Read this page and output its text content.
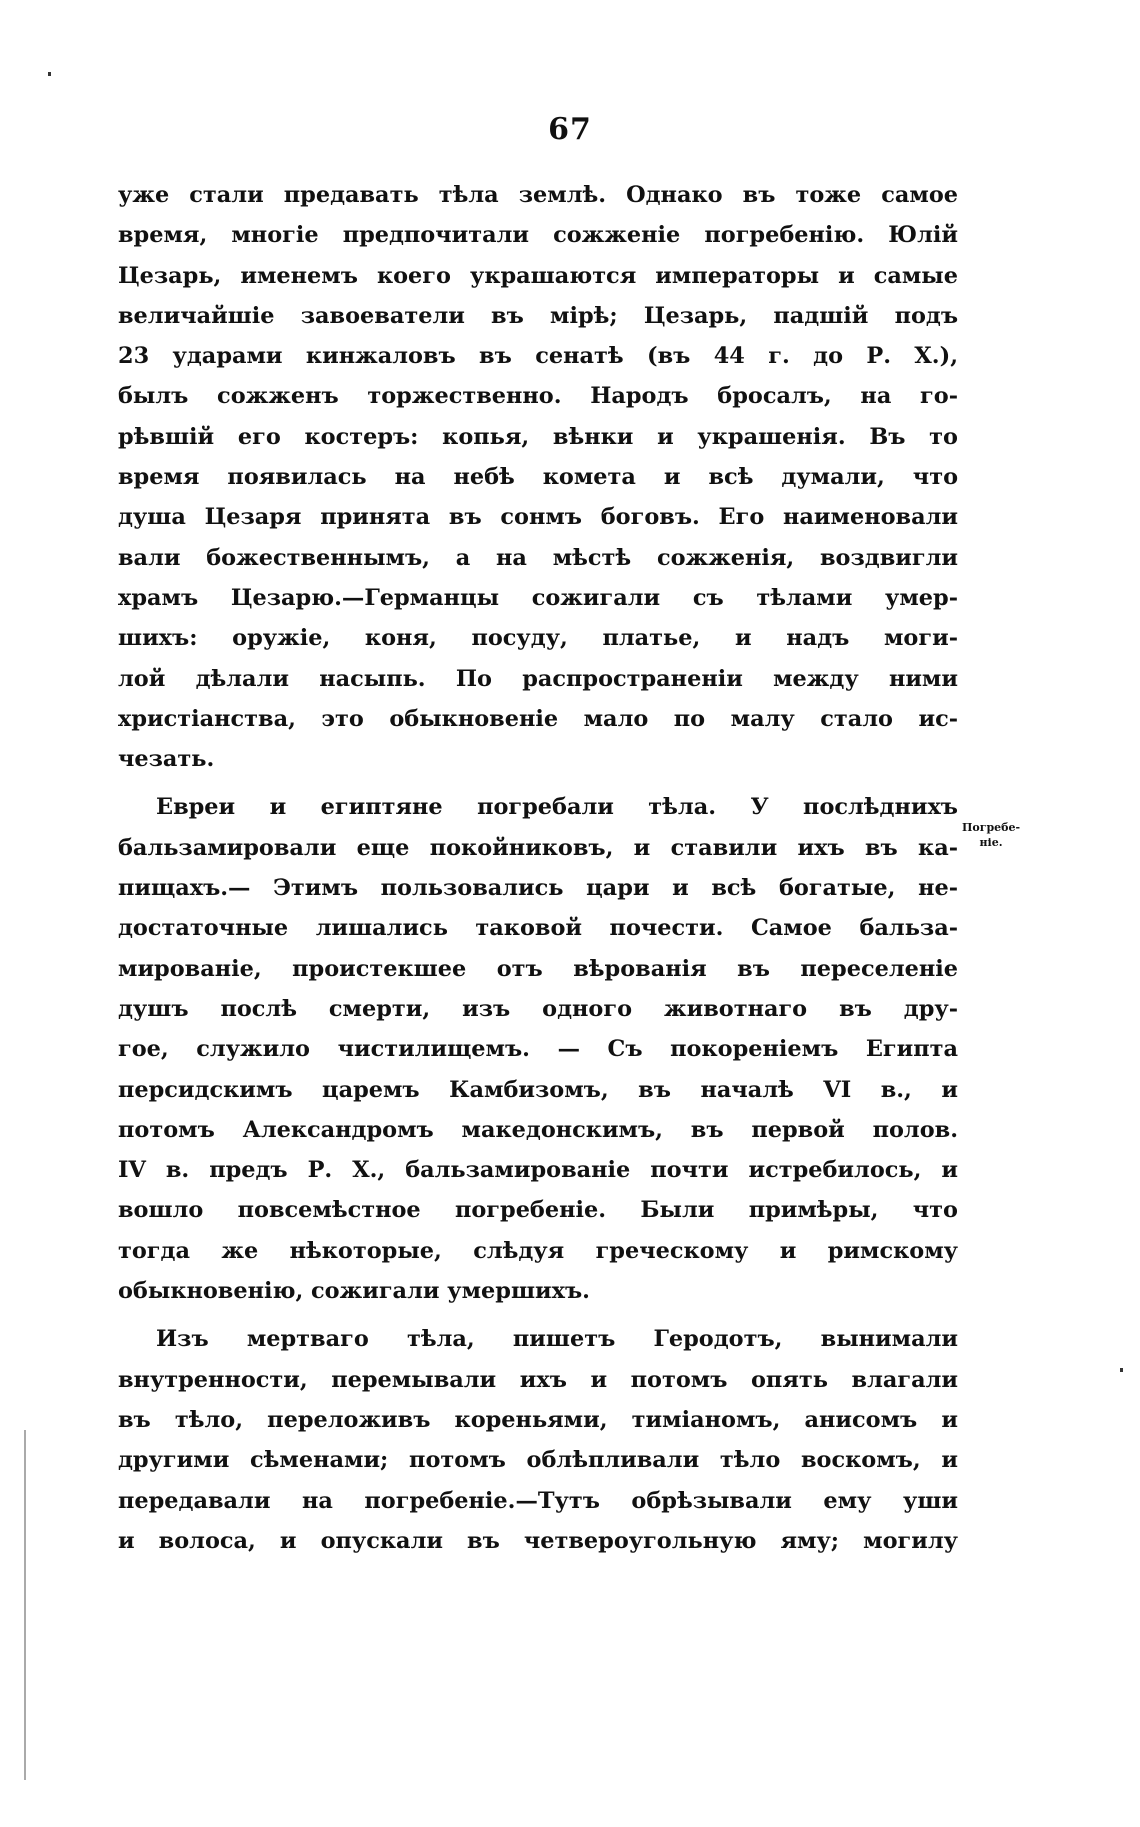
67
уже стали предавать тѣла землѣ. Однако въ тоже самое
время, многіе предпочитали сожженіе погребенію. Юлій
Цезарь, именемъ коего украшаются императоры и самые
величайшіе завоеватели въ мірѣ; Цезарь, падшій подъ
23 ударами кинжаловъ въ сенатѣ (въ 44 г. до Р. Х.),
былъ сожженъ торжественно. Народъ бросалъ, на го-
рѣвшій его костеръ: копья, вѣнки и украшенія. Въ то
время появилась на небѣ комета и всѣ думали, что
душа Цезаря принята въ сонмъ боговъ. Его наименовали
вали божественнымъ, а на мѣстѣ сожженія, воздвигли
храмъ Цезарю.—Германцы сожигали съ тѣлами умер-
шихъ: оружіе, коня, посуду, платье, и надъ моги-
лой дѣлали насыпь. По распространеніи между ними
христіанства, это обыкновеніе мало по малу стало ис-
чезать.
Евреи и египтяне погребали тѣла. У послѣднихъ
бальзамировали еще покойниковъ, и ставили ихъ въ ка-
пищахъ.— Этимъ пользовались цари и всѣ богатые, не-
достаточные лишались таковой почести. Самое бальза-
мированіе, проистекшее отъ вѣрованія въ переселеніе
душъ послѣ смерти, изъ одного животнаго въ дру-
гое, служило чистилищемъ. — Съ покореніемъ Египта
персидскимъ царемъ Камбизомъ, въ началѣ VI в., и
потомъ Александромъ македонскимъ, въ первой полов.
IV в. предъ Р. Х., бальзамированіе почти истребилось, и
вошло повсемѣстное погребеніе. Были примѣры, что
тогда же нѣкоторые, слѣдуя греческому и римскому
обыкновенію, сожигали умершихъ.
Изъ мертваго тѣла, пишетъ Геродотъ, вынимали
внутренности, перемывали ихъ и потомъ опять влагали
въ тѣло, переложивъ кореньями, тиміаномъ, анисомъ и
другими сѣменами; потомъ облѣпливали тѣло воскомъ, и
передавали на погребеніе.—Тутъ обрѣзывали ему уши
и волоса, и опускали въ четвероугольную яму; могилу
Погребе-
ніе.
